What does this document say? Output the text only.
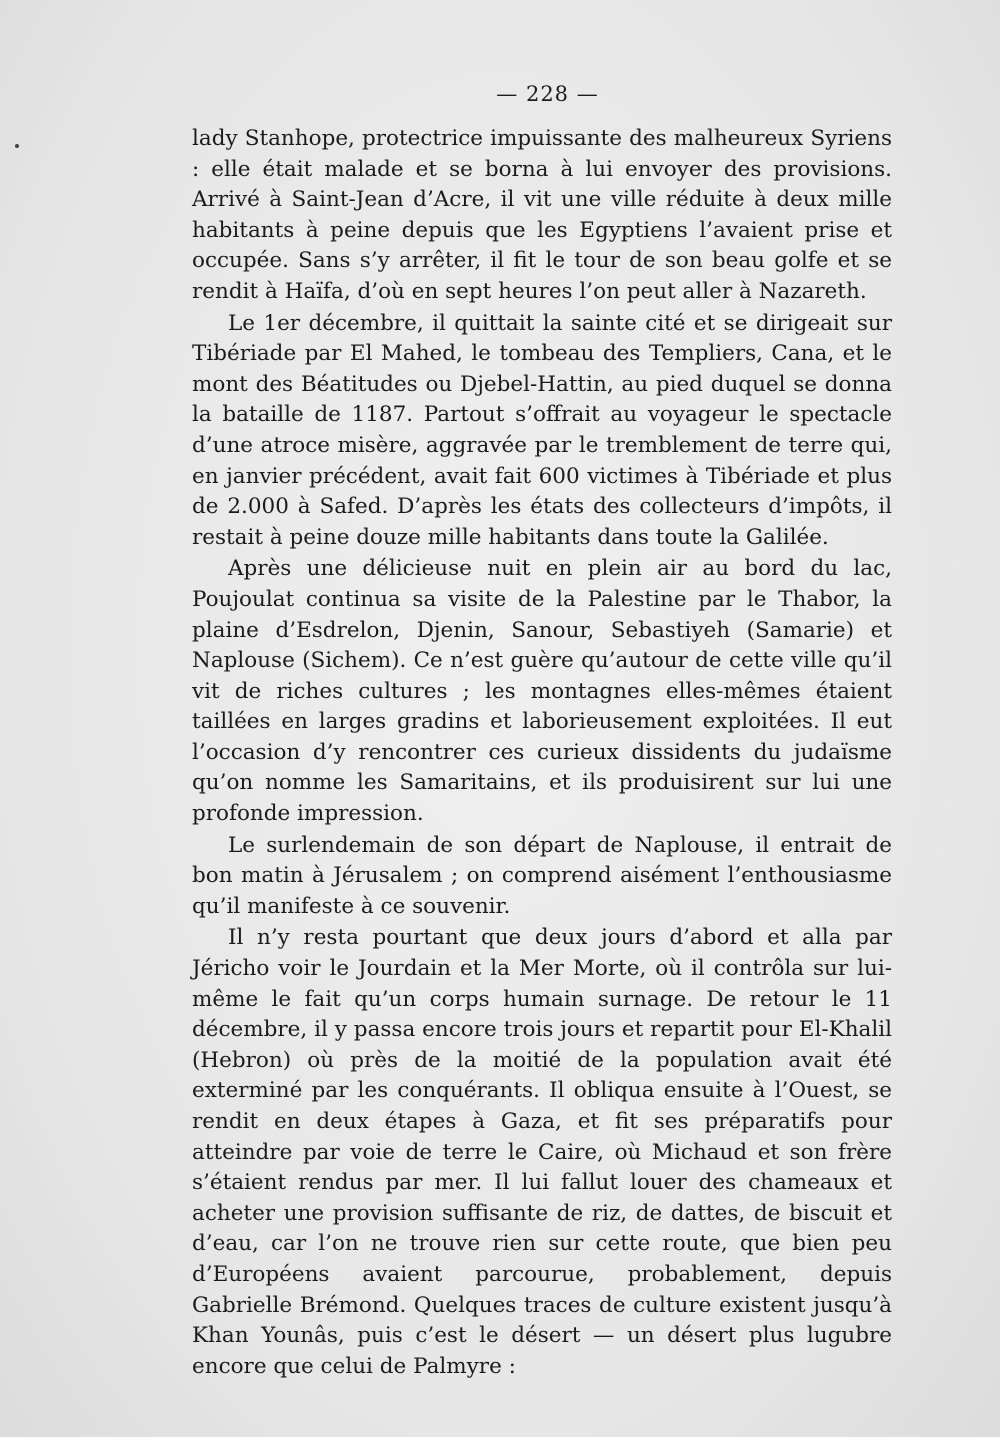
— 228 —

lady Stanhope, protectrice impuissante des malheureux Syriens : elle était malade et se borna à lui envoyer des provisions. Arrivé à Saint-Jean d’Acre, il vit une ville réduite à deux mille habitants à peine depuis que les Egyptiens l’avaient prise et occupée. Sans s’y arrêter, il fit le tour de son beau golfe et se rendit à Haïfa, d’où en sept heures l’on peut aller à Nazareth.

Le 1er décembre, il quittait la sainte cité et se dirigeait sur Tibériade par El Mahed, le tombeau des Templiers, Cana, et le mont des Béatitudes ou Djebel-Hattin, au pied duquel se donna la bataille de 1187. Partout s’offrait au voyageur le spectacle d’une atroce misère, aggravée par le tremblement de terre qui, en janvier précédent, avait fait 600 victimes à Tibériade et plus de 2.000 à Safed. D’après les états des collecteurs d’impôts, il restait à peine douze mille habitants dans toute la Galilée.

Après une délicieuse nuit en plein air au bord du lac, Poujoulat continua sa visite de la Palestine par le Thabor, la plaine d’Esdrelon, Djenin, Sanour, Sebastiyeh (Samarie) et Naplouse (Sichem). Ce n’est guère qu’autour de cette ville qu’il vit de riches cultures ; les montagnes elles-mêmes étaient taillées en larges gradins et laborieusement exploitées. Il eut l’occasion d’y rencontrer ces curieux dissidents du judaïsme qu’on nomme les Samaritains, et ils produisirent sur lui une profonde impression.

Le surlendemain de son départ de Naplouse, il entrait de bon matin à Jérusalem ; on comprend aisément l’enthousiasme qu’il manifeste à ce souvenir.

Il n’y resta pourtant que deux jours d’abord et alla par Jéricho voir le Jourdain et la Mer Morte, où il contrôla sur lui-même le fait qu’un corps humain surnage. De retour le 11 décembre, il y passa encore trois jours et repartit pour El-Khalil (Hebron) où près de la moitié de la population avait été exterminé par les conquérants. Il obliqua ensuite à l’Ouest, se rendit en deux étapes à Gaza, et fit ses préparatifs pour atteindre par voie de terre le Caire, où Michaud et son frère s’étaient rendus par mer. Il lui fallut louer des chameaux et acheter une provision suffisante de riz, de dattes, de biscuit et d’eau, car l’on ne trouve rien sur cette route, que bien peu d’Européens avaient parcourue, probablement, depuis Gabrielle Brémond. Quelques traces de culture existent jusqu’à Khan Younâs, puis c’est le désert — un désert plus lugubre encore que celui de Palmyre :
